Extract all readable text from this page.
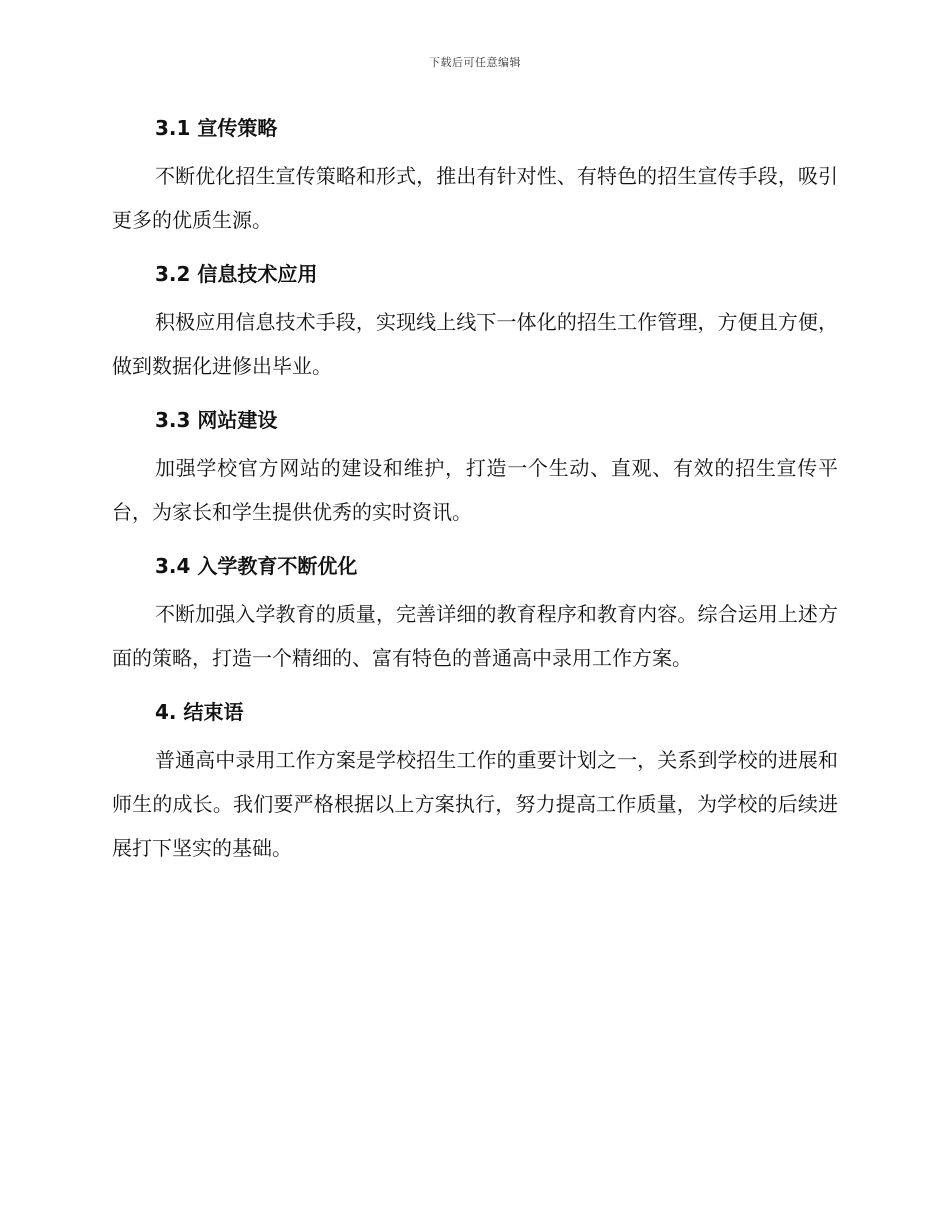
下载后可任意编辑
3.1 宣传策略

不断优化招生宣传策略和形式，推出有针对性、有特色的招生宣传手段，吸引更多的优质生源。

3.2 信息技术应用

积极应用信息技术手段，实现线上线下一体化的招生工作管理，方便且方便，做到数据化进修出毕业。

3.3 网站建设

加强学校官方网站的建设和维护，打造一个生动、直观、有效的招生宣传平台，为家长和学生提供优秀的实时资讯。

3.4 入学教育不断优化

不断加强入学教育的质量，完善详细的教育程序和教育内容。综合运用上述方面的策略，打造一个精细的、富有特色的普通高中录用工作方案。

4. 结束语

普通高中录用工作方案是学校招生工作的重要计划之一，关系到学校的进展和师生的成长。我们要严格根据以上方案执行，努力提高工作质量，为学校的后续进展打下坚实的基础。
